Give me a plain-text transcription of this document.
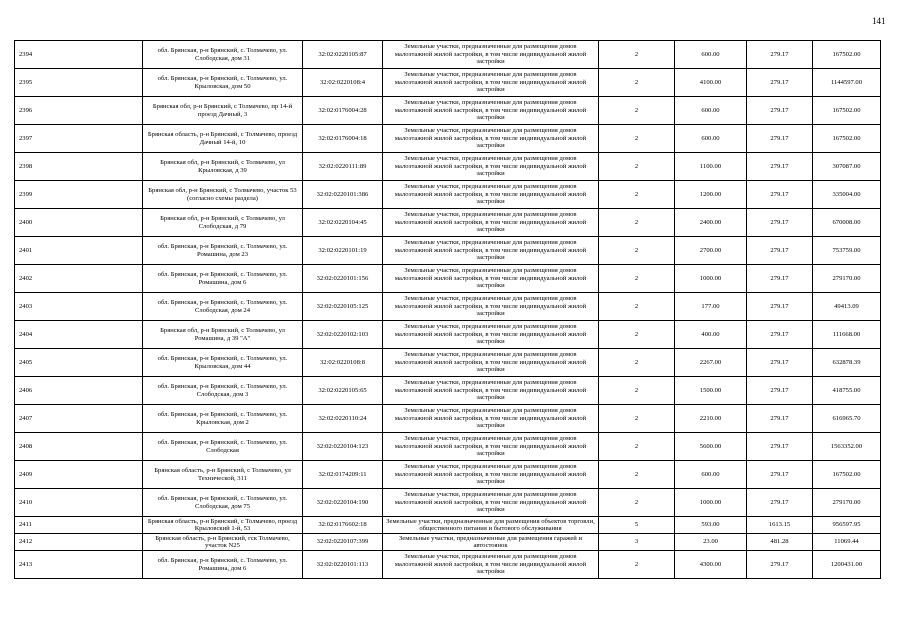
141
2394	обл. Брянская, р-н Брянский, с. Толмачево, ул. Слободская, дом 31	32:02:0220105:87	Земельные участки, предназначенные для размещения домов малоэтажной жилой застройки, в том числе индивидуальной жилой застройки	2	600.00	279.17	167502.00
2395	обл. Брянская, р-н Брянский, с. Толмачево, ул. Крыловская, дом 50	32:02:0220108:4	Земельные участки, предназначенные для размещения домов малоэтажной жилой застройки, в том числе индивидуальной жилой застройки	2	4100.00	279.17	1144597.00
2396	Брянская обл, р-н Брянский, с Толмачево, пр 14-й проезд Дачный, 3	32:02:0176004:28	Земельные участки, предназначенные для размещения домов малоэтажной жилой застройки, в том числе индивидуальной жилой застройки	2	600.00	279.17	167502.00
2397	Брянская область, р-н Брянский, с Толмачево, проезд Дачный 14-й, 10	32:02:0176004:18	Земельные участки, предназначенные для размещения домов малоэтажной жилой застройки, в том числе индивидуальной жилой застройки	2	600.00	279.17	167502.00
2398	Брянская обл, р-н Брянский, с Толмачево, ул Крыловская, д 39	32:02:0220111:89	Земельные участки, предназначенные для размещения домов малоэтажной жилой застройки, в том числе индивидуальной жилой застройки	2	1100.00	279.17	307087.00
2399	Брянская обл, р-н Брянский, с Толмачево, участок 53 (согласно схемы раздела)	32:02:0220101:386	Земельные участки, предназначенные для размещения домов малоэтажной жилой застройки, в том числе индивидуальной жилой застройки	2	1200.00	279.17	335004.00
2400	Брянская обл, р-н Брянский, с Толмачево, ул Слободская, д 79	32:02:0220104:45	Земельные участки, предназначенные для размещения домов малоэтажной жилой застройки, в том числе индивидуальной жилой застройки	2	2400.00	279.17	670008.00
2401	обл. Брянская, р-н Брянский, с. Толмачево, ул. Ромашина, дом 23	32:02:0220101:19	Земельные участки, предназначенные для размещения домов малоэтажной жилой застройки, в том числе индивидуальной жилой застройки	2	2700.00	279.17	753759.00
2402	обл. Брянская, р-н Брянский, с. Толмачево, ул. Ромашина, дом 6	32:02:0220101:156	Земельные участки, предназначенные для размещения домов малоэтажной жилой застройки, в том числе индивидуальной жилой застройки	2	1000.00	279.17	279170.00
2403	обл. Брянская, р-н Брянский, с. Толмачево, ул. Слободская, дом 24	32:02:0220105:125	Земельные участки, предназначенные для размещения домов малоэтажной жилой застройки, в том числе индивидуальной жилой застройки	2	177.00	279.17	49413.09
2404	Брянская обл, р-н Брянский, с Толмачево, ул Ромашина, д 39 "А"	32:02:0220102:103	Земельные участки, предназначенные для размещения домов малоэтажной жилой застройки, в том числе индивидуальной жилой застройки	2	400.00	279.17	111668.00
2405	обл. Брянская, р-н Брянский, с. Толмачево, ул. Крыловская, дом 44	32:02:0220108:8	Земельные участки, предназначенные для размещения домов малоэтажной жилой застройки, в том числе индивидуальной жилой застройки	2	2267.00	279.17	632878.39
2406	обл. Брянская, р-н Брянский, с. Толмачево, ул. Слободская, дом 3	32:02:0220105:65	Земельные участки, предназначенные для размещения домов малоэтажной жилой застройки, в том числе индивидуальной жилой застройки	2	1500.00	279.17	418755.00
2407	обл. Брянская, р-н Брянский, с. Толмачево, ул. Крыловская, дом 2	32:02:0220110:24	Земельные участки, предназначенные для размещения домов малоэтажной жилой застройки, в том числе индивидуальной жилой застройки	2	2210.00	279.17	616965.70
2408	обл. Брянская, р-н Брянский, с. Толмачево, ул. Слободская	32:02:0220104:123	Земельные участки, предназначенные для размещения домов малоэтажной жилой застройки, в том числе индивидуальной жилой застройки	2	5600.00	279.17	1563352.00
2409	Брянская область, р-н Брянский, с Толмачево, ул Технической, 311	32:02:0174209:11	Земельные участки, предназначенные для размещения домов малоэтажной жилой застройки, в том числе индивидуальной жилой застройки	2	600.00	279.17	167502.00
2410	обл. Брянская, р-н Брянский, с. Толмачево, ул. Слободская, дом 75	32:02:0220104:190	Земельные участки, предназначенные для размещения домов малоэтажной жилой застройки, в том числе индивидуальной жилой застройки	2	1000.00	279.17	279170.00
2411	Брянская область, р-н Брянский, с Толмачево, проезд Крыловский 1-й, 53	32:02:0176602:18	Земельные участки, предназначенные для размещения объектов торговли, общественного питания и бытового обслуживания	5	593.00	1613.15	956597.95
2412	Брянская область, р-н Брянский, гск Толмачево, участок N25	32:02:0220107:399	Земельные участки, предназначенные для размещения гаражей и автостоянок	3	23.00	481.28	11069.44
2413	обл. Брянская, р-н Брянский, с. Толмачево, ул. Ромашина, дом 6	32:02:0220101:113	Земельные участки, предназначенные для размещения домов малоэтажной жилой застройки, в том числе индивидуальной жилой застройки	2	4300.00	279.17	1200431.00
